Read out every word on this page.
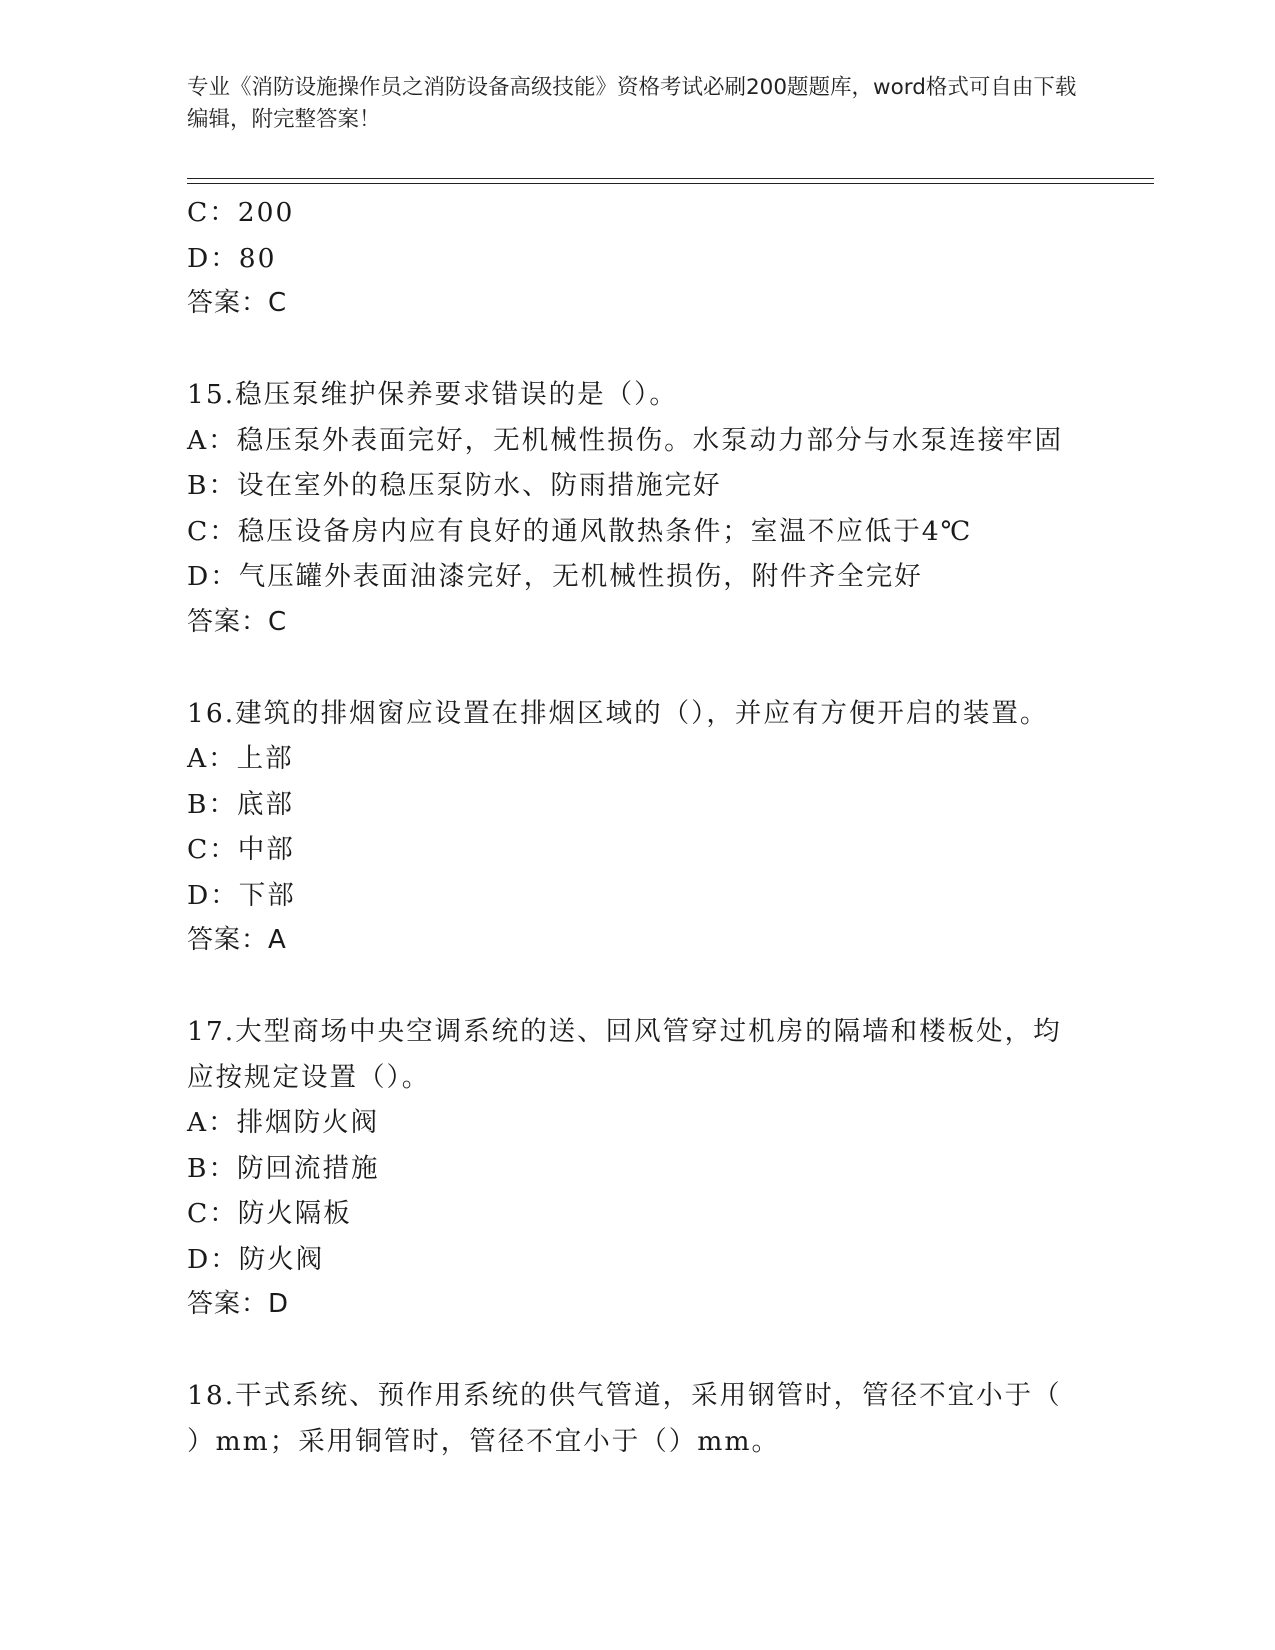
专业《消防设施操作员之消防设备高级技能》资格考试必刷200题题库，word格式可自由下载编辑，附完整答案！
C：200
D：80
答案：C
15.稳压泵维护保养要求错误的是（）。
A：稳压泵外表面完好，无机械性损伤。水泵动力部分与水泵连接牢固
B：设在室外的稳压泵防水、防雨措施完好
C：稳压设备房内应有良好的通风散热条件；室温不应低于4℃
D：气压罐外表面油漆完好，无机械性损伤，附件齐全完好
答案：C
16.建筑的排烟窗应设置在排烟区域的（），并应有方便开启的装置。
A：上部
B：底部
C：中部
D：下部
答案：A
17.大型商场中央空调系统的送、回风管穿过机房的隔墙和楼板处，均
应按规定设置（）。
A：排烟防火阀
B：防回流措施
C：防火隔板
D：防火阀
答案：D
18.干式系统、预作用系统的供气管道，采用钢管时，管径不宜小于（
）mm；采用铜管时，管径不宜小于（）mm。
